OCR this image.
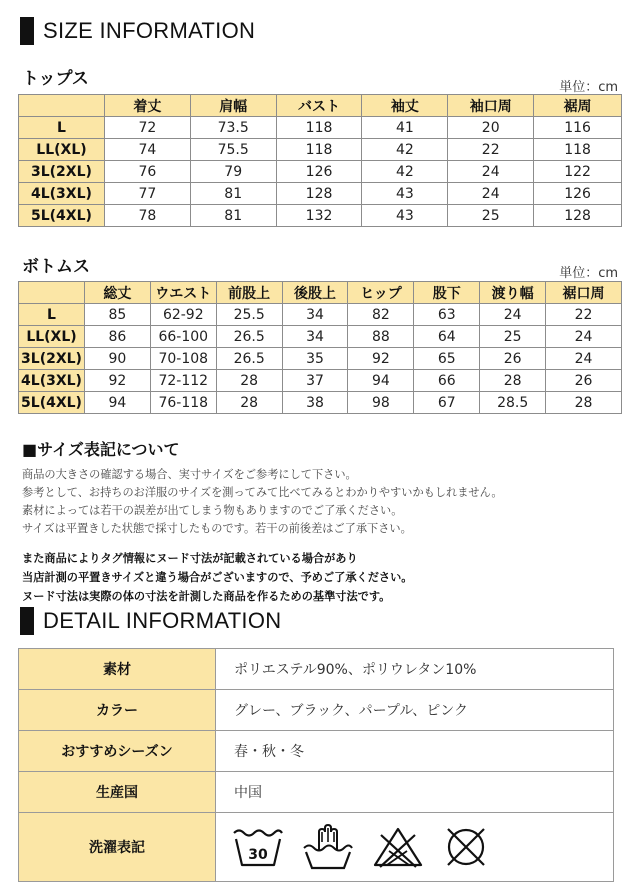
SIZE INFORMATION
トップス	単位：cm
	着丈	肩幅	バスト	袖丈	袖口周	裾周
L	72	73.5	118	41	20	116
LL(XL)	74	75.5	118	42	22	118
3L(2XL)	76	79	126	42	24	122
4L(3XL)	77	81	128	43	24	126
5L(4XL)	78	81	132	43	25	128
ボトムス	単位：cm
	総丈	ウエスト	前股上	後股上	ヒップ	股下	渡り幅	裾口周
L	85	62-92	25.5	34	82	63	24	22
LL(XL)	86	66-100	26.5	34	88	64	25	24
3L(2XL)	90	70-108	26.5	35	92	65	26	24
4L(3XL)	92	72-112	28	37	94	66	28	26
5L(4XL)	94	76-118	28	38	98	67	28.5	28
■サイズ表記について

商品の大きさの確認する場合、実寸サイズをご参考にして下さい。

参考として、お持ちのお洋服のサイズを測ってみて比べてみるとわかりやすいかもしれません。

素材によっては若干の誤差が出てしまう物もありますのでご了承ください。

サイズは平置きした状態で採寸したものです。若干の前後差はご了承下さい。

また商品によりタグ情報にヌード寸法が記載されている場合があり

当店計測の平置きサイズと違う場合がございますので、予めご了承ください。

ヌード寸法は実際の体の寸法を計測した商品を作るための基準寸法です。

DETAIL INFORMATION
素材	ポリエステル90%、ポリウレタン10%
カラー	グレー、ブラック、パープル、ピンク
おすすめシーズン	春・秋・冬
生産国	中国
洗濯表記	30
